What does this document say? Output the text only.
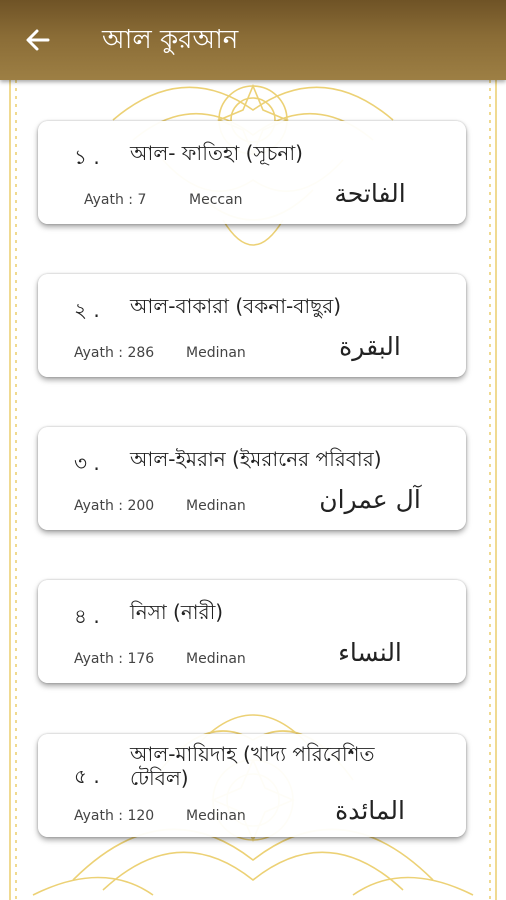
আল কুরআন
১ . আল- ফাতিহা (সূচনা)
Ayath : 7	Meccan	الفاتحة
২ . আল-বাকারা (বকনা-বাছুর)
Ayath : 286 Medinan	البقرة
৩ . আল-ইমরান (ইমরানের পরিবার)
Ayath : 200 Medinan	آل عمران
৪ . নিসা (নারী)
Ayath : 176 Medinan	النساء
৫ .
আল-মায়িদাহ (খাদ্য পরিবেশিত টেবিল)
Ayath : 120 Medinan	المائدة
